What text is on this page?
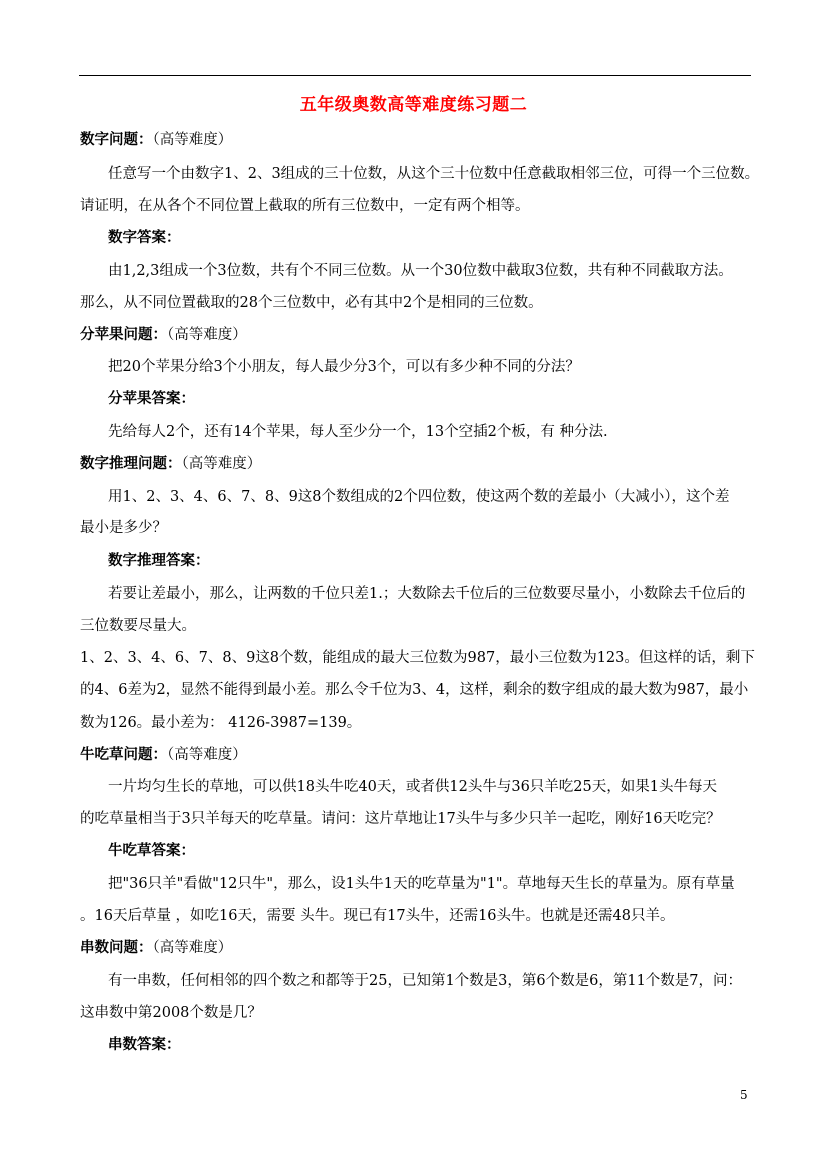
五年级奥数高等难度练习题二
数字问题：（高等难度）
任意写一个由数字1、2、3组成的三十位数，从这个三十位数中任意截取相邻三位，可得一个三位数。
请证明，在从各个不同位置上截取的所有三位数中，一定有两个相等。
数字答案：
由1,2,3组成一个3位数，共有个不同三位数。从一个30位数中截取3位数，共有种不同截取方法。
那么，从不同位置截取的28个三位数中，必有其中2个是相同的三位数。
分苹果问题：（高等难度）
把20个苹果分给3个小朋友，每人最少分3个，可以有多少种不同的分法？
分苹果答案：
先给每人2个，还有14个苹果，每人至少分一个，13个空插2个板，有 种分法.
数字推理问题：（高等难度）
用1、2、3、4、6、7、8、9这8个数组成的2个四位数，使这两个数的差最小（大减小），这个差
最小是多少？
数字推理答案：
若要让差最小，那么，让两数的千位只差1.；大数除去千位后的三位数要尽量小，小数除去千位后的
三位数要尽量大。
1、2、3、4、6、7、8、9这8个数，能组成的最大三位数为987，最小三位数为123。但这样的话，剩下
的4、6差为2，显然不能得到最小差。那么令千位为3、4，这样，剩余的数字组成的最大数为987，最小
数为126。最小差为： 4126-3987=139。
牛吃草问题：（高等难度）
一片均匀生长的草地，可以供18头牛吃40天，或者供12头牛与36只羊吃25天，如果1头牛每天
的吃草量相当于3只羊每天的吃草量。请问：这片草地让17头牛与多少只羊一起吃，刚好16天吃完？
牛吃草答案：
把"36只羊"看做"12只牛"，那么，设1头牛1天的吃草量为"1"。草地每天生长的草量为。原有草量
。16天后草量 ，如吃16天，需要 头牛。现已有17头牛，还需16头牛。也就是还需48只羊。
串数问题：（高等难度）
有一串数，任何相邻的四个数之和都等于25，已知第1个数是3，第6个数是6，第11个数是7，问：
这串数中第2008个数是几？
串数答案：
5
